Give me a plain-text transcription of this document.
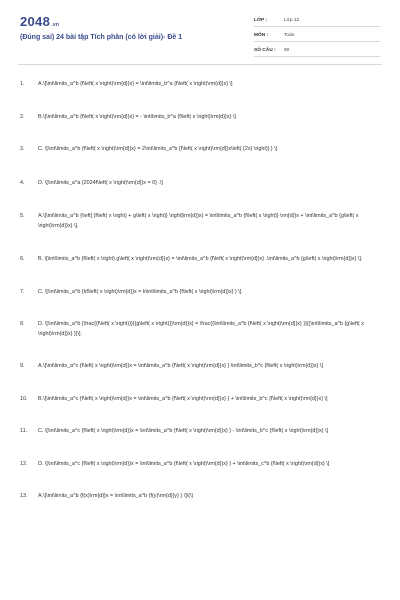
2048.vn
(Đúng sai) 24 bài tập Tích phân (có lời giải)- Đề 1
LỚP :	Lớp 12
MÔN :	Toán
SỐ CÂU :	80
1.	A.\[\int\limits_a^b {f\left( x \right)\rm{d}}x} = \int\limits_b^a {f\left( x \right)\rm{d}}x} \]
2.	B.\[\int\limits_a^b {f\left( x \right)\rm{d}}x} = - \int\limits_b^a {f\left( x \right)\rm{d}}x} \]
3.	C. \[\int\limits_a^b {f\left( x \right)\rm{d}}x} = 2\int\limits_a^b {f\left( x \right)\rm{d}}x\left( {2x} \right)} } \]
4.	D. \[\int\limits_a^a {2024f\left( x \right)\rm{d}}x = 0} .\]
5.	A.\[\int\limits_a^b {\left[ {f\left( x \right) + g\left( x \right)} \right]\rm{d}}x} = \int\limits_a^b {f\left( x \right)} \rm{d}}x + \int\limits_a^b {g\left( x \right)\rm{d}}x} \].
6.	B. \[\int\limits_a^b {f\left( x \right).g\left( x \right)\rm{d}}x} = \int\limits_a^b {f\left( x \right)\rm{d}}x} .\int\limits_a^b {g\left( x \right)\rm{d}}x} \].
7.	C. \[\int\limits_a^b {kf\left( x \right)\rm{d}}x = k\int\limits_a^b {f\left( x \right)\rm{d}}x} } \].
8.	D. \[\int\limits_a^b {\frac{{f\left( x \right)}}{{g\left( x \right)}}\rm{d}}x} = \frac{{\int\limits_a^b {f\left( x \right)\rm{d}}x} }}{{\int\limits_a^b {g\left( x \right)\rm{d}}x} }}\].
9.	A.\[\int\limits_a^c {f\left( x \right)\rm{d}}x = \int\limits_a^b {f\left( x \right)\rm{d}}x} } \int\limits_b^c {f\left( x \right)\rm{d}}x} \]
10.	B.\[\int\limits_a^c {f\left( x \right)\rm{d}}x = \int\limits_a^b {f\left( x \right)\rm{d}}x} } + \int\limits_b^c {f\left( x \right)\rm{d}}x} \]
11.	C. \[\int\limits_a^c {f\left( x \right)\rm{d}}x = \int\limits_a^b {f\left( x \right)\rm{d}}x} } - \int\limits_b^c {f\left( x \right)\rm{d}}x} \]
12.	D. \[\int\limits_a^c {f\left( x \right)\rm{d}}x = \int\limits_a^b {f\left( x \right)\rm{d}}x} } + \int\limits_c^b {f\left( x \right)\rm{d}}x} \]
13.	A.\[\int\limits_a^b {f(x)\rm{d}}x = \int\limits_a^b {f(y)\rm{d}}y} } \]\(\)
